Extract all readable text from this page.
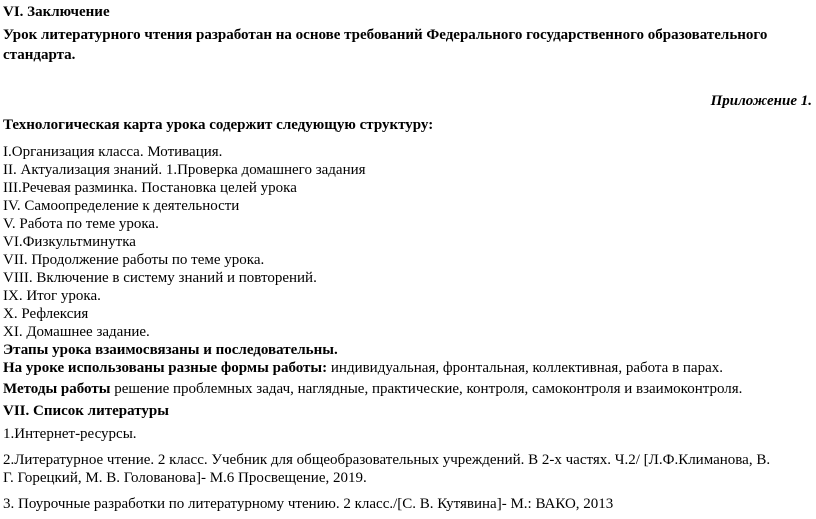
VI. Заключение
Урок литературного чтения разработан на основе требований Федерального государственного образовательного
стандарта.
Приложение 1.
Технологическая карта урока содержит следующую структуру:
I.Организация класса. Мотивация.
II. Актуализация знаний. 1.Проверка домашнего задания
III.Речевая разминка. Постановка целей урока
IV. Самоопределение к деятельности
V. Работа по теме урока.
VI.Физкультминутка
VII. Продолжение работы по теме урока.
VIII. Включение в систему знаний и повторений.
IX. Итог урока.
X. Рефлексия
XI. Домашнее задание.
Этапы урока взаимосвязаны и последовательны.
На уроке использованы разные формы работы: индивидуальная, фронтальная, коллективная, работа в парах.
Методы работы решение проблемных задач, наглядные, практические, контроля, самоконтроля и взаимоконтроля.
VII. Список литературы
1.Интернет-ресурсы.
2.Литературное чтение. 2 класс. Учебник для общеобразовательных учреждений. В 2-х частях. Ч.2/ [Л.Ф.Климанова, В.
Г. Горецкий, М. В. Голованова]- М.6 Просвещение, 2019.
3. Поурочные разработки по литературному чтению. 2 класс./[С. В. Кутявина]- М.: ВАКО, 2013
